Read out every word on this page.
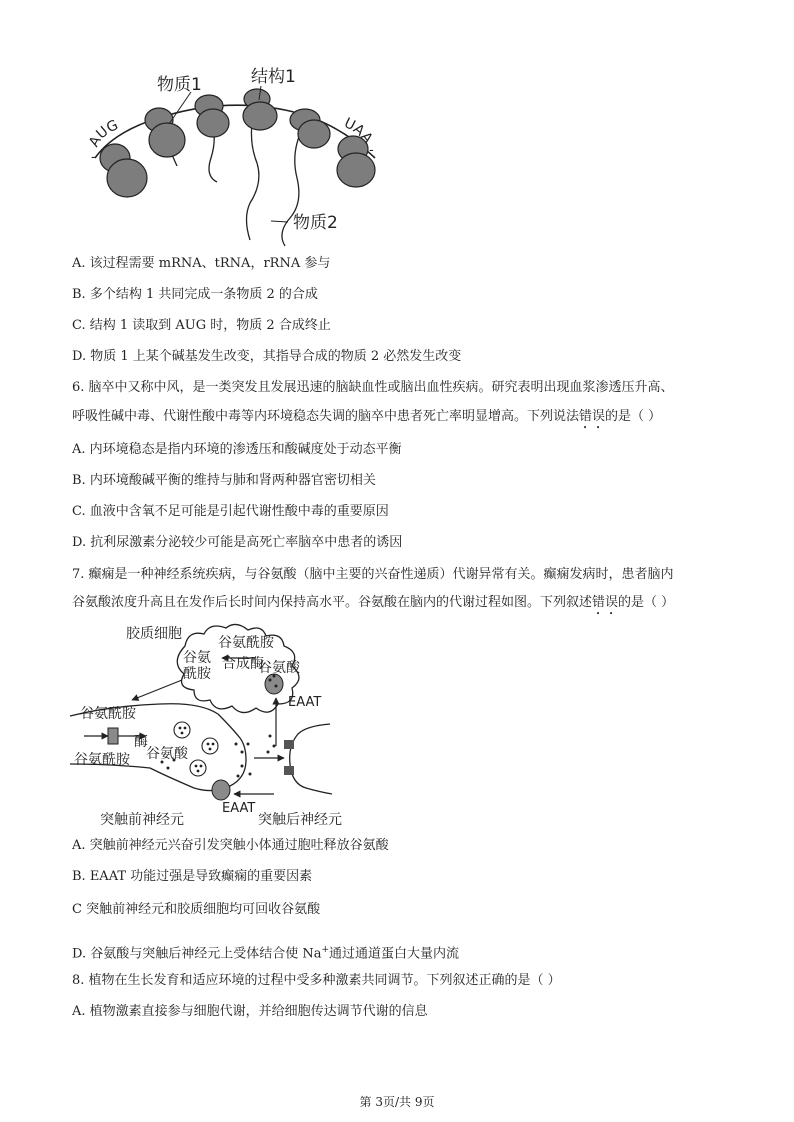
物质1	结构1
物质2
AUG	UAA
-	-
A. 该过程需要 mRNA、tRNA，rRNA 参与
B. 多个结构 1 共同完成一条物质 2 的合成
C. 结构 1 读取到 AUG 时，物质 2 合成终止
D. 物质 1 上某个碱基发生改变，其指导合成的物质 2 必然发生改变
6. 脑卒中又称中风，是一类突发且发展迅速的脑缺血性或脑出血性疾病。研究表明出现血浆渗透压升高、
呼吸性碱中毒、代谢性酸中毒等内环境稳态失调的脑卒中患者死亡率明显增高。下列说法错误的是（ ）
A. 内环境稳态是指内环境的渗透压和酸碱度处于动态平衡
B. 内环境酸碱平衡的维持与肺和肾两种器官密切相关
C. 血液中含氧不足可能是引起代谢性酸中毒的重要原因
D. 抗利尿激素分泌较少可能是高死亡率脑卒中患者的诱因
7. 癫痫是一种神经系统疾病，与谷氨酸（脑中主要的兴奋性递质）代谢异常有关。癫痫发病时，患者脑内
谷氨酸浓度升高且在发作后长时间内保持高水平。谷氨酸在脑内的代谢过程如图。下列叙述错误的是（ ）
胶质细胞
谷氨酰胺
谷氨 合成酶
酰胺	谷氨酸
EAAT
谷氨酰胺
酶
谷氨酰胺 谷氨酸
EAAT
突触前神经元	突触后神经元
A. 突触前神经元兴奋引发突触小体通过胞吐释放谷氨酸
B. EAAT 功能过强是导致癫痫的重要因素
C 突触前神经元和胶质细胞均可回收谷氨酸
D. 谷氨酸与突触后神经元上受体结合使 Na+通过通道蛋白大量内流
8. 植物在生长发育和适应环境的过程中受多种激素共同调节。下列叙述正确的是（ ）
A. 植物激素直接参与细胞代谢，并给细胞传达调节代谢的信息
第 3页/共 9页
